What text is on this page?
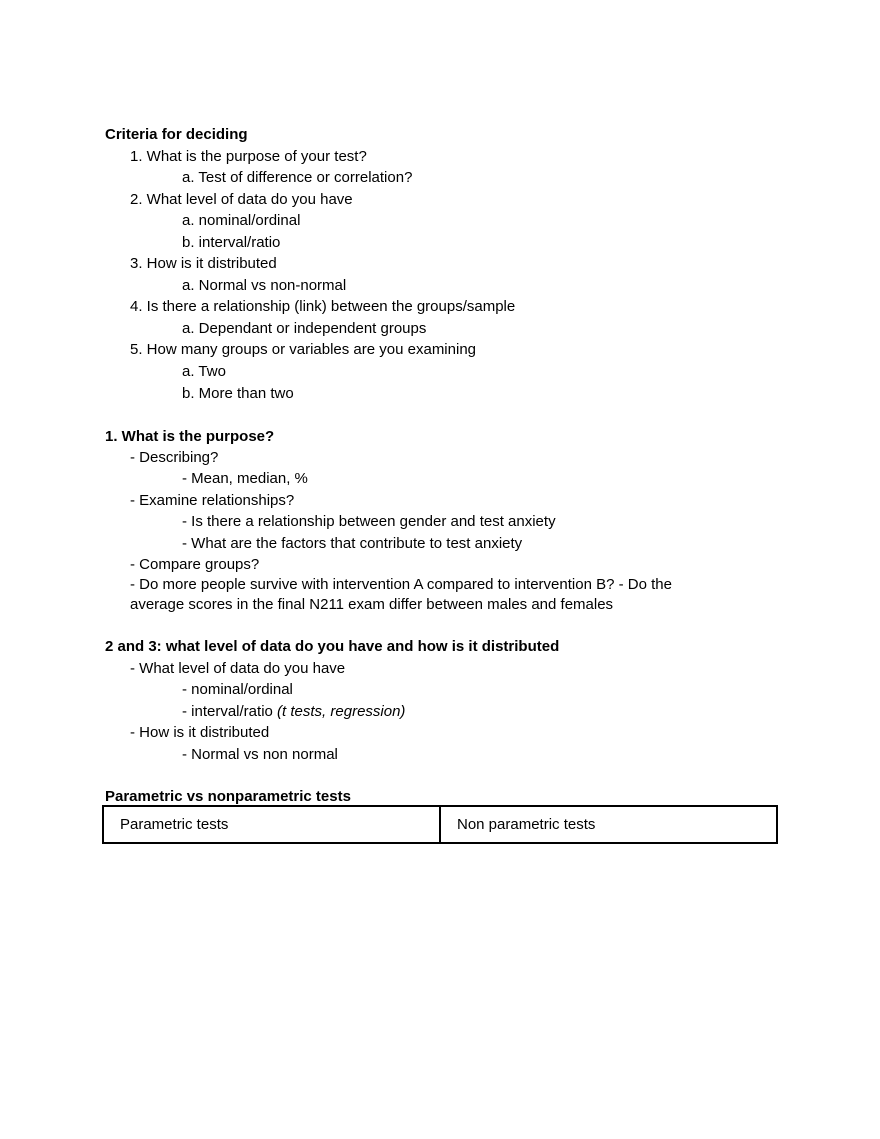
Criteria for deciding
1. What is the purpose of your test?
a. Test of difference or correlation?
2. What level of data do you have
a. nominal/ordinal
b. interval/ratio
3. How is it distributed
a. Normal vs non-normal
4. Is there a relationship (link) between the groups/sample
a. Dependant or independent groups
5. How many groups or variables are you examining
a. Two
b. More than two
1. What is the purpose?
- Describing?
- Mean, median, %
- Examine relationships?
- Is there a relationship between gender and test anxiety
- What are the factors that contribute to test anxiety
- Compare groups?
- Do more people survive with intervention A compared to intervention B? - Do the
average scores in the final N211 exam differ between males and females
2 and 3: what level of data do you have and how is it distributed
- What level of data do you have
- nominal/ordinal
- interval/ratio (t tests, regression)
- How is it distributed
- Normal vs non normal
Parametric vs nonparametric tests
Parametric tests	Non parametric tests
